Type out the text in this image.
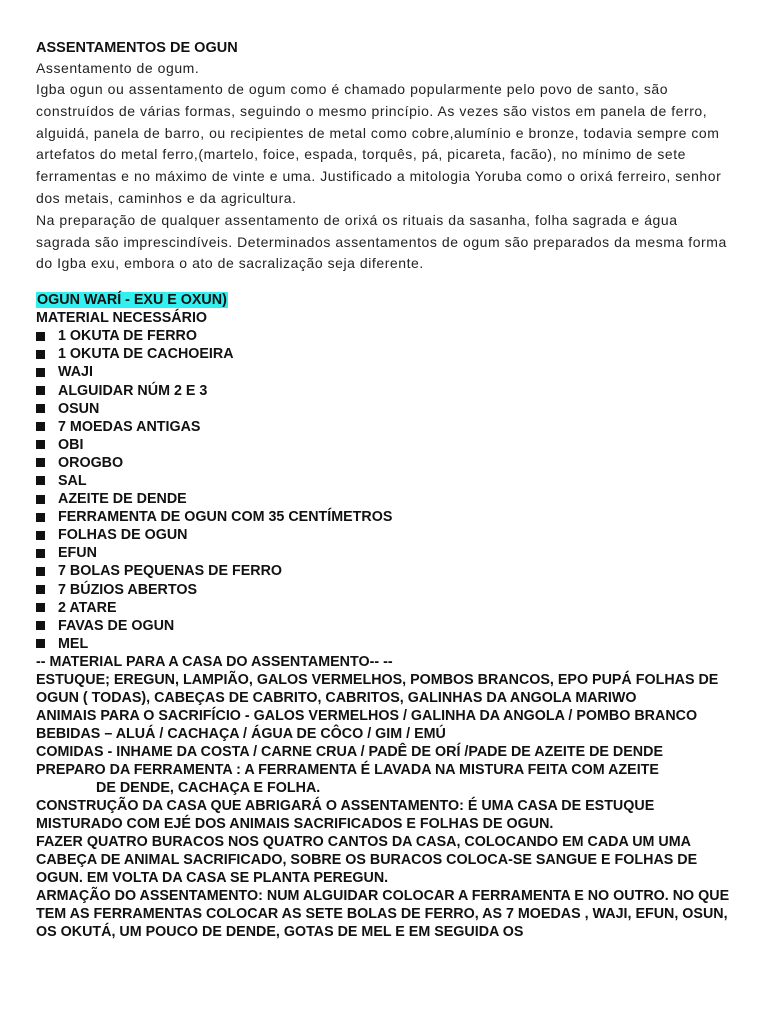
ASSENTAMENTOS DE OGUN

Assentamento de ogum.

Igba ogun ou assentamento de ogum como é chamado popularmente pelo povo de santo, são construídos de várias formas, seguindo o mesmo princípio. As vezes são vistos em panela de ferro, alguidá, panela de barro, ou recipientes de metal como cobre,alumínio e bronze, todavia sempre com artefatos do metal ferro,(martelo, foice, espada, torquês, pá, picareta, facão), no mínimo de sete ferramentas e no máximo de vinte e uma. Justificado a mitologia Yoruba como o orixá ferreiro, senhor dos metais, caminhos e da agricultura.

Na preparação de qualquer assentamento de orixá os rituais da sasanha, folha sagrada e água sagrada são imprescindíveis. Determinados assentamentos de ogum são preparados da mesma forma do Igba exu, embora o ato de sacralização seja diferente.

OGUN WARÍ - EXU E OXUN)
MATERIAL NECESSÁRIO
1 OKUTA DE FERRO
1 OKUTA DE CACHOEIRA
WAJI
ALGUIDAR NÚM 2 E 3
OSUN
7 MOEDAS ANTIGAS
OBI
OROGBO
SAL
AZEITE DE DENDE
FERRAMENTA DE OGUN COM 35 CENTÍMETROS
FOLHAS DE OGUN
EFUN
7 BOLAS PEQUENAS DE FERRO
7 BÚZIOS ABERTOS
2 ATARE
FAVAS DE OGUN
MEL

-- MATERIAL PARA A CASA DO ASSENTAMENTO-- --

ESTUQUE; EREGUN, LAMPIÃO, GALOS VERMELHOS, POMBOS BRANCOS, EPO PUPÁ FOLHAS DE OGUN ( TODAS), CABEÇAS DE CABRITO, CABRITOS, GALINHAS DA ANGOLA MARIWO

ANIMAIS PARA O SACRIFÍCIO - GALOS VERMELHOS / GALINHA DA ANGOLA / POMBO BRANCO

BEBIDAS – ALUÁ / CACHAÇA / ÁGUA DE CÔCO / GIM / EMÚ

COMIDAS - INHAME DA COSTA / CARNE CRUA / PADÊ DE ORÍ /PADE DE AZEITE DE DENDE

PREPARO DA FERRAMENTA : A FERRAMENTA É LAVADA NA MISTURA FEITA COM AZEITE

DE DENDE, CACHAÇA E FOLHA.

CONSTRUÇÃO DA CASA QUE ABRIGARÁ O ASSENTAMENTO: É UMA CASA DE ESTUQUE MISTURADO COM EJÉ DOS ANIMAIS SACRIFICADOS E FOLHAS DE OGUN.

FAZER QUATRO BURACOS NOS QUATRO CANTOS DA CASA, COLOCANDO EM CADA UM UMA CABEÇA DE ANIMAL SACRIFICADO, SOBRE OS BURACOS COLOCA-SE SANGUE E FOLHAS DE OGUN. EM VOLTA DA CASA SE PLANTA PEREGUN.

ARMAÇÃO DO ASSENTAMENTO: NUM ALGUIDAR COLOCAR A FERRAMENTA E NO OUTRO. NO QUE TEM AS FERRAMENTAS COLOCAR AS SETE BOLAS DE FERRO, AS 7 MOEDAS , WAJI, EFUN, OSUN, OS OKUTÁ, UM POUCO DE DENDE, GOTAS DE MEL E EM SEGUIDA OS
